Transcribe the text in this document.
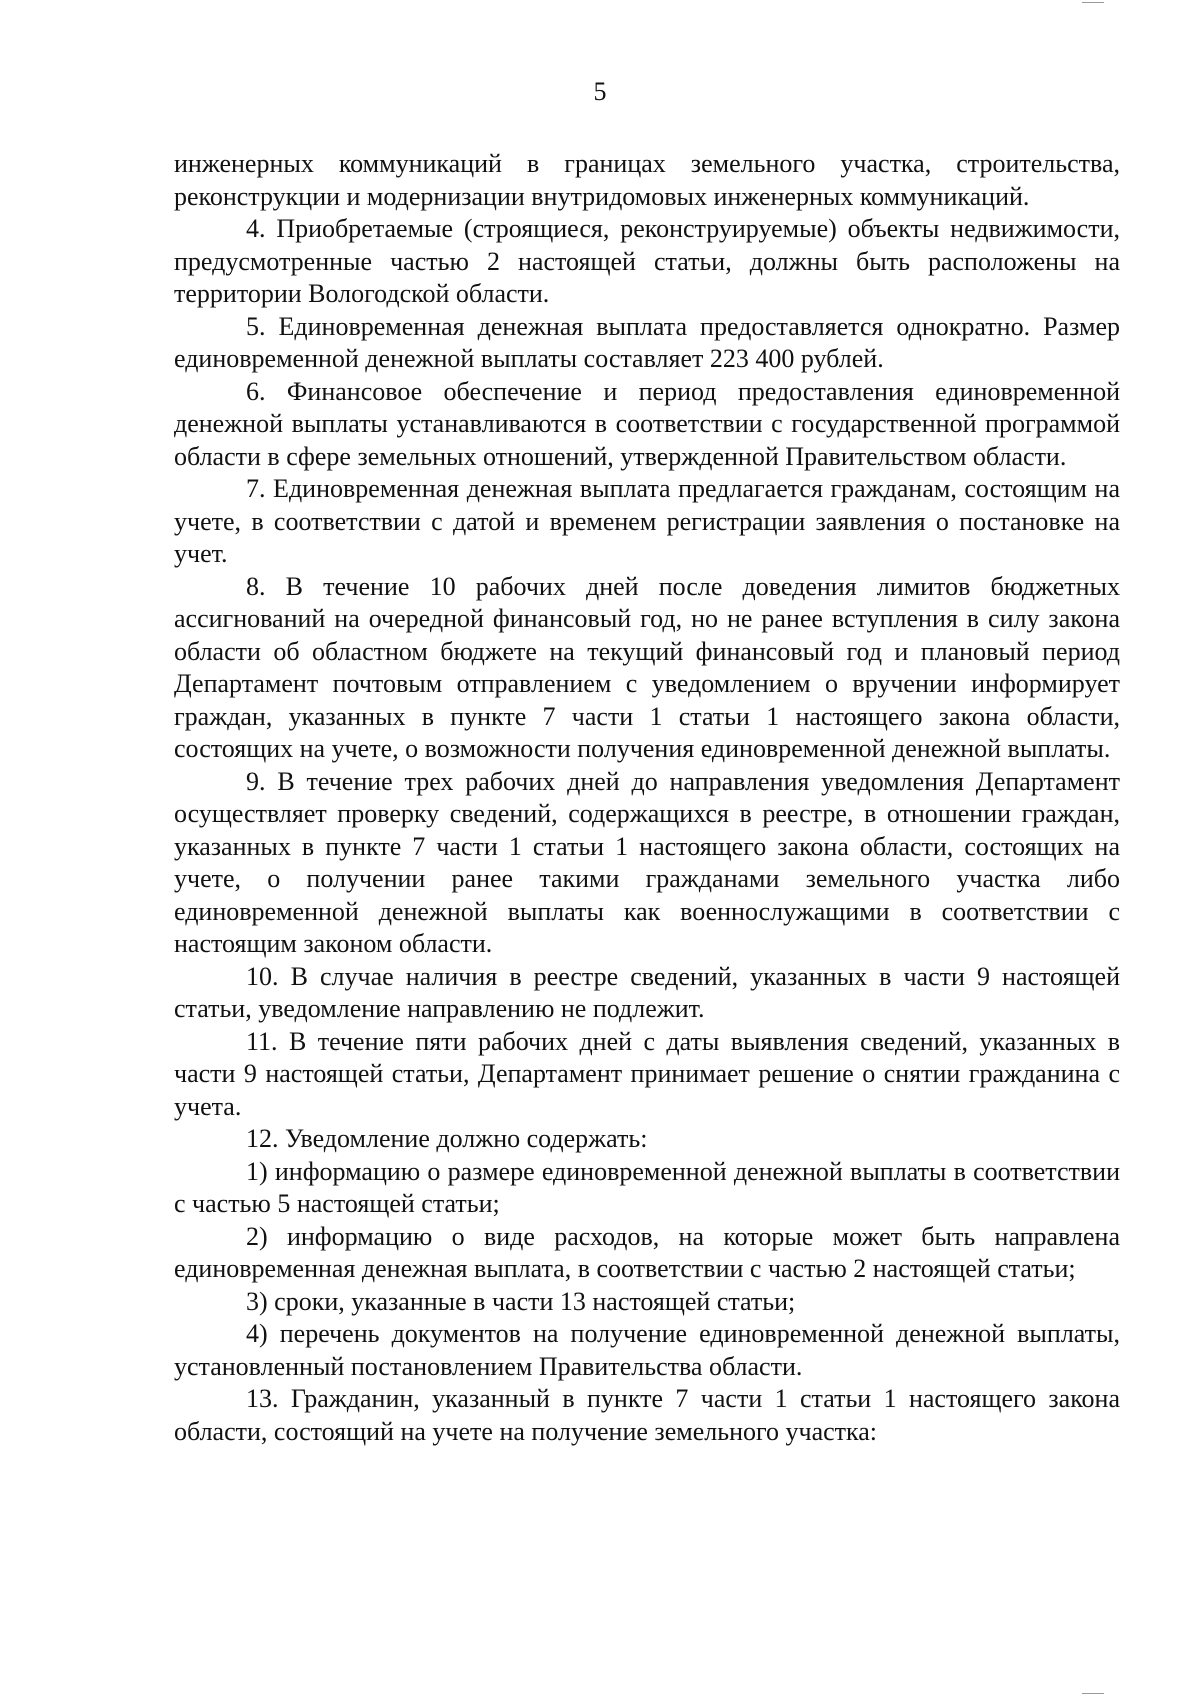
5

инженерных коммуникаций в границах земельного участка, строительства, реконструкции и модернизации внутридомовых инженерных коммуникаций.

4. Приобретаемые (строящиеся, реконструируемые) объекты недвижимости, предусмотренные частью 2 настоящей статьи, должны быть расположены на территории Вологодской области.

5. Единовременная денежная выплата предоставляется однократно. Размер единовременной денежной выплаты составляет 223 400 рублей.

6. Финансовое обеспечение и период предоставления единовременной денежной выплаты устанавливаются в соответствии с государственной программой области в сфере земельных отношений, утвержденной Правительством области.

7. Единовременная денежная выплата предлагается гражданам, состоящим на учете, в соответствии с датой и временем регистрации заявления о постановке на учет.

8. В течение 10 рабочих дней после доведения лимитов бюджетных ассигнований на очередной финансовый год, но не ранее вступления в силу закона области об областном бюджете на текущий финансовый год и плановый период Департамент почтовым отправлением с уведомлением о вручении информирует граждан, указанных в пункте 7 части 1 статьи 1 настоящего закона области, состоящих на учете, о возможности получения единовременной денежной выплаты.

9. В течение трех рабочих дней до направления уведомления Департамент осуществляет проверку сведений, содержащихся в реестре, в отношении граждан, указанных в пункте 7 части 1 статьи 1 настоящего закона области, состоящих на учете, о получении ранее такими гражданами земельного участка либо единовременной денежной выплаты как военнослужащими в соответствии с настоящим законом области.

10. В случае наличия в реестре сведений, указанных в части 9 настоящей статьи, уведомление направлению не подлежит.

11. В течение пяти рабочих дней с даты выявления сведений, указанных в части 9 настоящей статьи, Департамент принимает решение о снятии гражданина с учета.

12. Уведомление должно содержать:

1) информацию о размере единовременной денежной выплаты в соответствии с частью 5 настоящей статьи;

2) информацию о виде расходов, на которые может быть направлена единовременная денежная выплата, в соответствии с частью 2 настоящей статьи;

3) сроки, указанные в части 13 настоящей статьи;

4) перечень документов на получение единовременной денежной выплаты, установленный постановлением Правительства области.

13. Гражданин, указанный в пункте 7 части 1 статьи 1 настоящего закона области, состоящий на учете на получение земельного участка:
